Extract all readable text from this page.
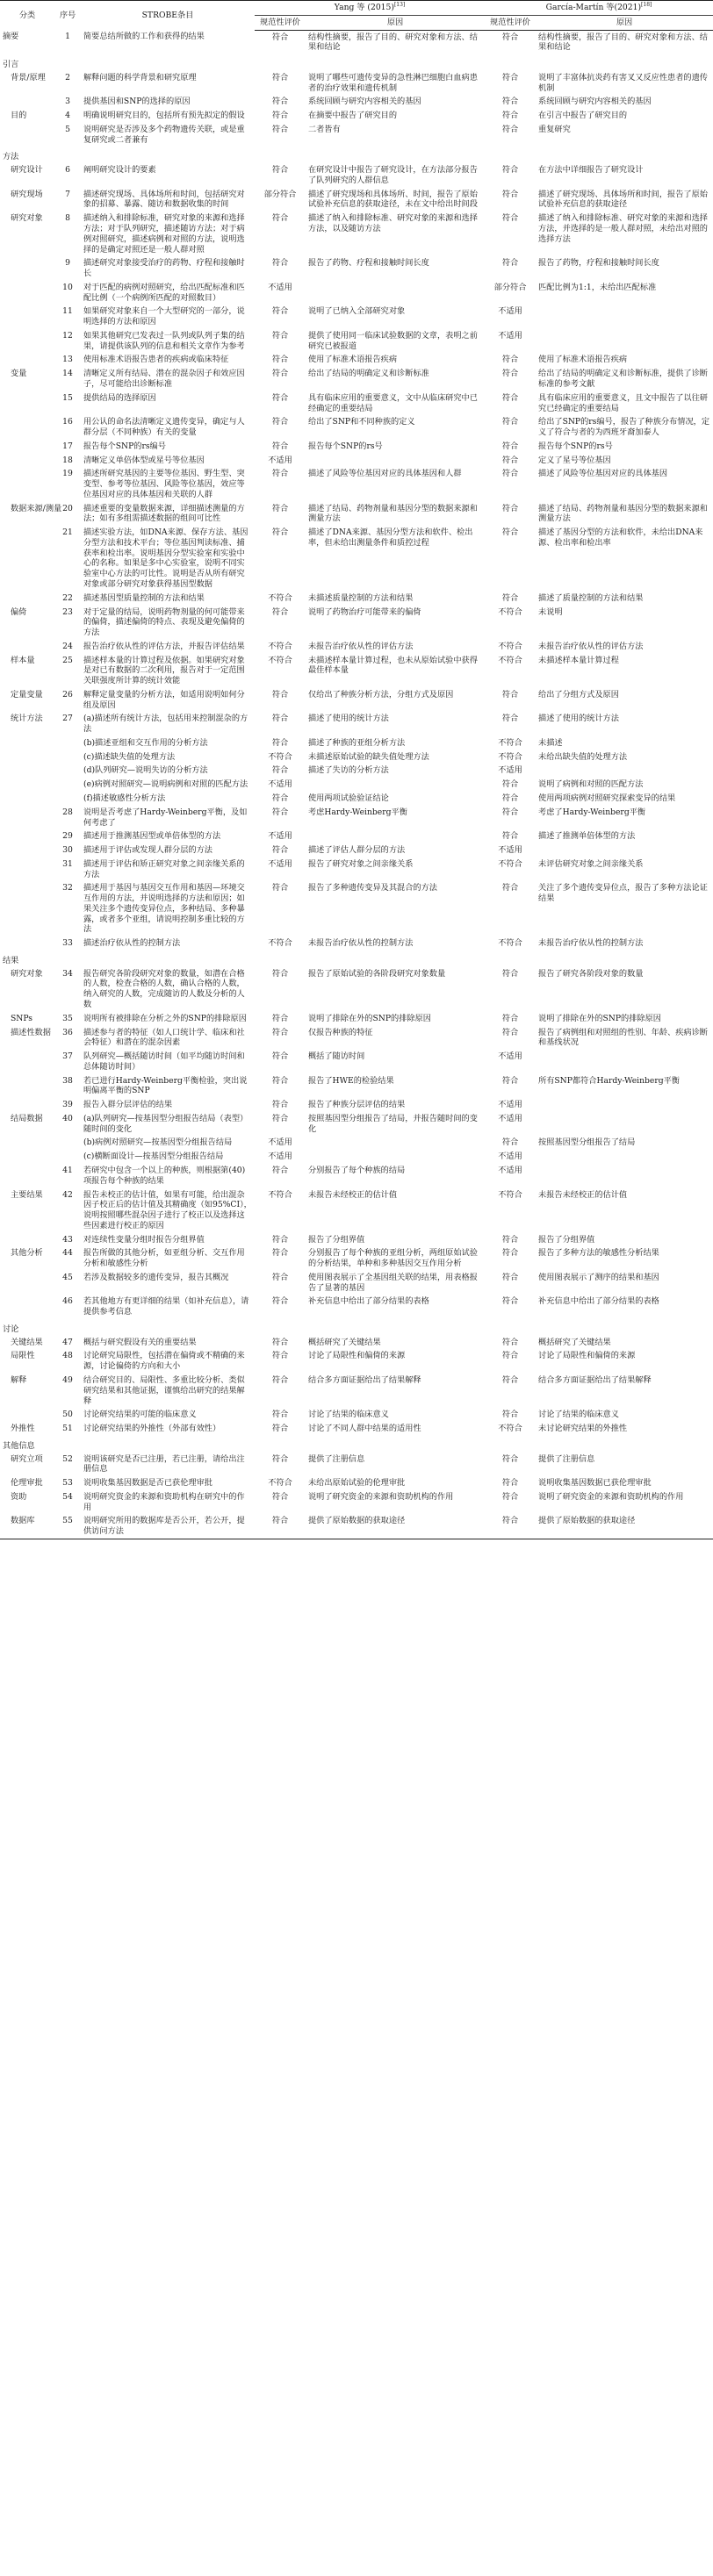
分类	序号	STROBE条目	Yang 等 (2015)[13]		García-Martín 等(2021)[18]
			规范性评价	原因	规范性评价	原因
摘要	1	简要总结所做的工作和获得的结果	符合	结构性摘要，报告了目的、研究对象和方法、结果和结论	符合	结构性摘要，报告了目的、研究对象和方法、结果和结论
引言						
背景/原理	2	解释问题的科学背景和研究原理	符合	说明了哪些可遗传变异的急性淋巴细胞白血病患者的治疗效果和遗传机制	符合	说明了丰富体抗炎药有害叉又反应性患者的遗传机制
	3	提供基因和SNP的选择的原因	符合	系统回顾与研究内容相关的基因	符合	系统回顾与研究内容相关的基因
目的	4	明确说明研究目的，包括所有预先拟定的假设	符合	在摘要中报告了研究目的	符合	在引言中报告了研究目的
	5	说明研究是否涉及多个药物遗传关联，或是重复研究或二者兼有	符合	二者皆有	符合	重复研究
方法						
研究设计	6	阐明研究设计的要素	符合	在研究设计中报告了研究设计，在方法部分报告了队列研究的人群信息	符合	在方法中详细报告了研究设计
研究现场	7	描述研究现场、具体场所和时间，包括研究对象的招募、暴露、随访和数据收集的时间	部分符合	描述了研究现场和具体场所、时间，报告了原始试验补充信息的获取途径，未在文中给出时间段	符合	描述了研究现场、具体场所和时间，报告了原始试验补充信息的获取途径
研究对象	8	描述纳入和排除标准，研究对象的来源和选择方法；对于队列研究，描述随访方法；对于病例对照研究，描述病例和对照的方法，说明选择的是确定对照还是一般人群对照	符合	描述了纳入和排除标准、研究对象的来源和选择方法，以及随访方法	符合	描述了纳入和排除标准、研究对象的来源和选择方法，并选择的是一般人群对照，未给出对照的选择方法
	9	描述研究对象接受治疗的药物、疗程和接触时长	符合	报告了药物、疗程和接触时间长度	符合	报告了药物，疗程和接触时间长度
	10	对于匹配的病例对照研究，给出匹配标准和匹配比例（一个病例所匹配的对照数目）	不适用		部分符合	匹配比例为1:1，未给出匹配标准
	11	如果研究对象来自一个大型研究的一部分，说明选择的方法和原因	符合	说明了已纳入全部研究对象	不适用	
	12	如果其他研究已发表过一队列或队列子集的结果，请提供该队列的信息和相关文章作为参考	符合	提供了使用同一临床试验数据的文章，表明之前研究已被报道	不适用	
	13	使用标准术语报告患者的疾病或临床特征	符合	使用了标准术语报告疾病	符合	使用了标准术语报告疾病
变量	14	清晰定义所有结局、潜在的混杂因子和效应因子，尽可能给出诊断标准	符合	给出了结局的明确定义和诊断标准	符合	给出了结局的明确定义和诊断标准，提供了诊断标准的参考文献
	15	提供结局的选择原因	符合	具有临床应用的重要意义，文中从临床研究中已经确定的重要结局	符合	具有临床应用的重要意义，且文中报告了以往研究已经确定的重要结局
	16	用公认的命名法清晰定义遗传变异，确定与人群分层（不同种族）有关的变量	符合	给出了SNP和不同种族的定义	符合	给出了SNP的rs编号，报告了种族分布情况，定义了符合与者的为西班牙裔加泰人
	17	报告每个SNP的rs编号	符合	报告每个SNP的rs号	符合	报告每个SNP的rs号
	18	清晰定义单倍体型或星号等位基因	不适用		符合	定义了星号等位基因
	19	描述所研究基因的主要等位基因、野生型、突变型、参考等位基因、风险等位基因，效应等位基因对应的具体基因和关联的人群	符合	描述了风险等位基因对应的具体基因和人群	符合	描述了风险等位基因对应的具体基因
数据来源/测量	20	描述重要的变量数据来源，详细描述测量的方法；如有多组需描述数据的组间可比性	符合	描述了结局、药物剂量和基因分型的数据来源和测量方法	符合	描述了结局、药物剂量和基因分型的数据来源和测量方法
	21	描述实验方法，如DNA来源、保存方法、基因分型方法和技术平台；等位基因判读标准、捕获率和检出率。说明基因分型实验室和实验中心的名称。如果是多中心实验室，说明不同实验室中心方法的可比性。说明是否从所有研究对象或部分研究对象获得基因型数据	符合	描述了DNA来源、基因分型方法和软件、检出率，但未给出测量条件和质控过程	符合	描述了基因分型的方法和软件，未给出DNA来源、检出率和检出率
	22	描述基因型质量控制的方法和结果	不符合	未描述质量控制的方法和结果	符合	描述了质量控制的方法和结果
偏倚	23	对于定量的结局，说明药物剂量的何可能带来的偏倚，描述偏倚的特点、表现及避免偏倚的方法	符合	说明了药物治疗可能带来的偏倚	不符合	未说明
	24	报告治疗依从性的评估方法，并报告评估结果	不符合	未报告治疗依从性的评估方法	不符合	未报告治疗依从性的评估方法
样本量	25	描述样本量的计算过程及依据。如果研究对象是对已有数据的二次利用，报告对于一定范围关联强度所计算的统计效能	不符合	未描述样本量计算过程，也未从原始试验中获得最佳样本量	不符合	未描述样本量计算过程
定量变量	26	解释定量变量的分析方法，如适用说明如何分组及原因	符合	仅给出了种族分析方法，分组方式及原因	符合	给出了分组方式及原因
统计方法	27	(a)描述所有统计方法，包括用来控制混杂的方法	符合	描述了使用的统计方法	符合	描述了使用的统计方法
		(b)描述亚组和交互作用的分析方法	符合	描述了种族的亚组分析方法	不符合	未描述
		(c)描述缺失值的处理方法	不符合	未描述原始试验的缺失值处理方法	不符合	未给出缺失值的处理方法
		(d)队列研究—说明失访的分析方法	符合	描述了失访的分析方法	不适用	
		(e)病例对照研究—说明病例和对照的匹配方法	不适用		符合	说明了病例和对照的匹配方法
		(f)描述敏感性分析方法	符合	使用两项试验验证结论	符合	使用两项病例对照研究探索变异的结果
	28	说明是否考虑了Hardy-Weinberg平衡，及如何考虑了	符合	考虑Hardy-Weinberg平衡	符合	考虑了Hardy-Weinberg平衡
	29	描述用于推测基因型或单倍体型的方法	不适用		符合	描述了推测单倍体型的方法
	30	描述用于评估或发现人群分层的方法	符合	描述了评估人群分层的方法	不适用	
	31	描述用于评估和矫正研究对象之间亲缘关系的方法	不适用	报告了研究对象之间亲缘关系	不符合	未评估研究对象之间亲缘关系
	32	描述用于基因与基因交互作用和基因—环境交互作用的方法，并说明选择的方法和原因；如果关注多个遗传变异位点，多种结局、多种暴露，或者多个亚组，请说明控制多重比较的方法	符合	报告了多种遗传变异及其混合的方法	符合	关注了多个遗传变异位点，报告了多种方法论证结果
	33	描述治疗依从性的控制方法	不符合	未报告治疗依从性的控制方法	不符合	未报告治疗依从性的控制方法
结果						
研究对象	34	报告研究各阶段研究对象的数量，如潜在合格的人数，检查合格的人数，确认合格的人数，纳入研究的人数，完成随访的人数及分析的人数	符合	报告了原始试验的各阶段研究对象数量	符合	报告了研究各阶段对象的数量
SNPs	35	说明所有被排除在分析之外的SNP的排除原因	符合	说明了排除在外的SNP的排除原因	符合	说明了排除在外的SNP的排除原因
描述性数据	36	描述参与者的特征（如人口统计学、临床和社会特征）和潜在的混杂因素	符合	仅报告种族的特征	符合	报告了病例组和对照组的性别、年龄、疾病诊断和基线状况
	37	队列研究—概括随访时间（如平均随访时间和总体随访时间）	符合	概括了随访时间	不适用	
	38	若已进行Hardy-Weinberg平衡检验，突出说明偏离平衡的SNP	符合	报告了HWE的检验结果	符合	所有SNP都符合Hardy-Weinberg平衡
	39	报告入群分层评估的结果	符合	报告了种族分层评估的结果	不适用	
结局数据	40	(a)队列研究—按基因型分组报告结局（表型）随时间的变化	符合	按照基因型分组报告了结局，并报告随时间的变化	不适用	
		(b)病例对照研究—按基因型分组报告结局	不适用		符合	按照基因型分组报告了结局
		(c)横断面设计—按基因型分组报告结局	不适用		不适用	
	41	若研究中包含一个以上的种族，则根据第(40)项报告每个种族的结果	符合	分别报告了每个种族的结局	不适用	
主要结果	42	报告未校正的估计值，如果有可能，给出混杂因子校正后的估计值及其精确度（如95%CI），说明按照哪些混杂因子进行了校正以及选择这些因素进行校正的原因	不符合	未报告未经校正的估计值	不符合	未报告未经校正的估计值
	43	对连续性变量分组时报告分组界值	符合	报告了分组界值	符合	报告了分组界值
其他分析	44	报告所做的其他分析，如亚组分析、交互作用分析和敏感性分析	符合	分别报告了每个种族的亚组分析，两组原始试验的分析结果，单种和多种基因交互作用分析	符合	报告了多种方法的敏感性分析结果
	45	若涉及数据较多的遗传变异，报告其概况	符合	使用图表展示了全基因组关联的结果，用表格报告了显著的基因	符合	使用图表展示了测序的结果和基因
	46	若其他地方有更详细的结果（如补充信息），请提供参考信息	符合	补充信息中给出了部分结果的表格	符合	补充信息中给出了部分结果的表格
讨论						
关键结果	47	概括与研究假设有关的重要结果	符合	概括研究了关键结果	符合	概括研究了关键结果
局限性	48	讨论研究局限性，包括潜在偏倚或不精确的来源，讨论偏倚的方向和大小	符合	讨论了局限性和偏倚的来源	符合	讨论了局限性和偏倚的来源
解释	49	结合研究目的、局限性、多重比较分析、类似研究结果和其他证据，谨慎给出研究的结果解释	符合	结合多方面证据给出了结果解释	符合	结合多方面证据给出了结果解释
	50	讨论研究结果的可能的临床意义	符合	讨论了结果的临床意义	符合	讨论了结果的临床意义
外推性	51	讨论研究结果的外推性（外部有效性）	符合	讨论了不同人群中结果的适用性	不符合	未讨论研究结果的外推性
其他信息						
研究立项	52	说明该研究是否已注册，若已注册，请给出注册信息	符合	提供了注册信息	符合	提供了注册信息
伦理审批	53	说明收集基因数据是否已获伦理审批	不符合	未给出原始试验的伦理审批	符合	说明收集基因数据已获伦理审批
资助	54	说明研究资金的来源和资助机构在研究中的作用	符合	说明了研究资金的来源和资助机构的作用	符合	说明了研究资金的来源和资助机构的作用
数据库	55	说明研究所用的数据库是否公开，若公开，提供访问方法	符合	提供了原始数据的获取途径	符合	提供了原始数据的获取途径
